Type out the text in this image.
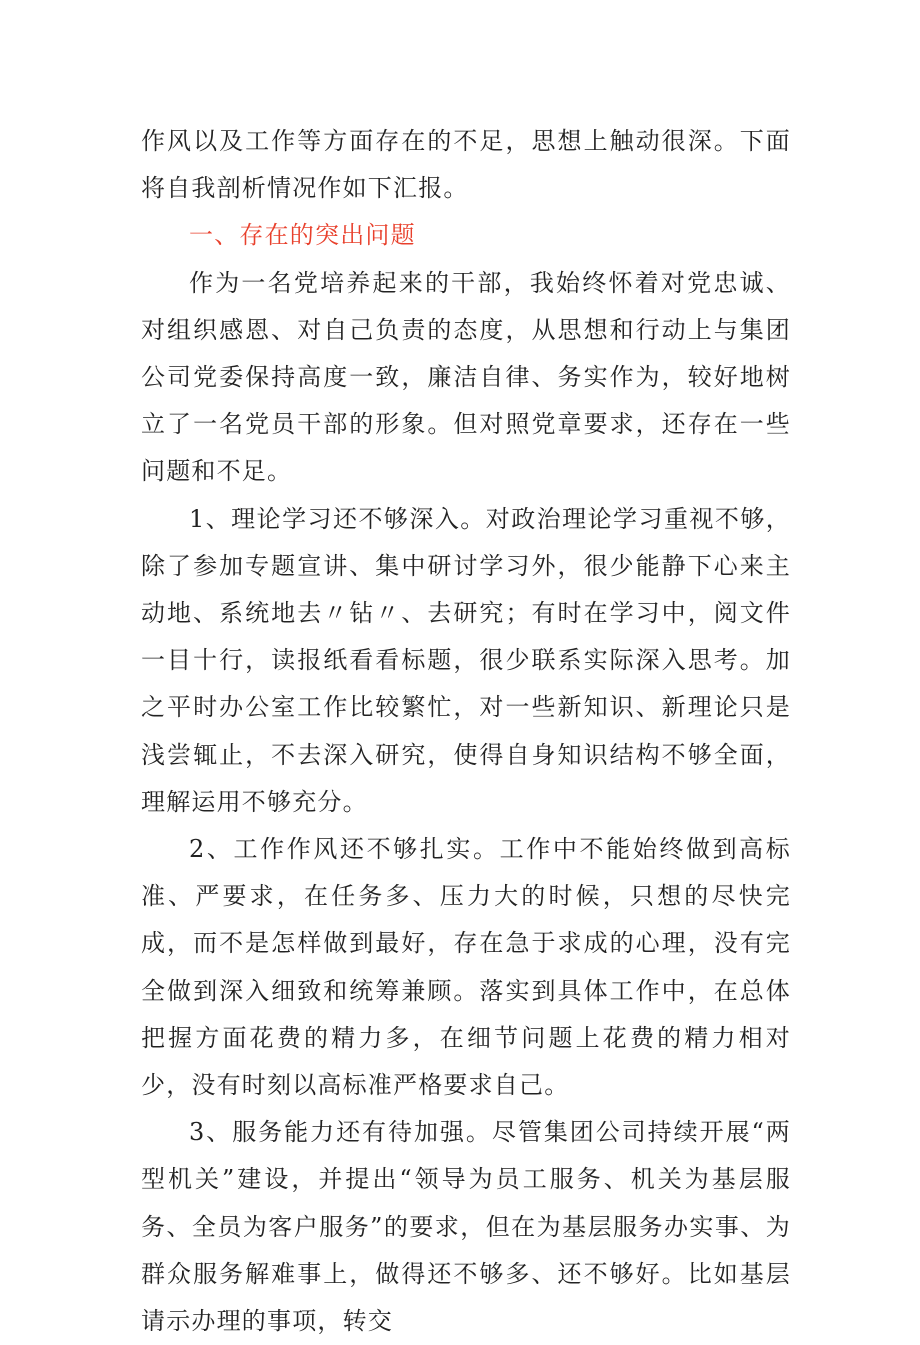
作风以及工作等方面存在的不足，思想上触动很深。下面将自我剖析情况作如下汇报。

一、存在的突出问题

作为一名党培养起来的干部，我始终怀着对党忠诚、对组织感恩、对自己负责的态度，从思想和行动上与集团公司党委保持高度一致，廉洁自律、务实作为，较好地树立了一名党员干部的形象。但对照党章要求，还存在一些问题和不足。

1、理论学习还不够深入。对政治理论学习重视不够，除了参加专题宣讲、集中研讨学习外，很少能静下心来主动地、系统地去〃钻〃、去研究；有时在学习中，阅文件一目十行，读报纸看看标题，很少联系实际深入思考。加之平时办公室工作比较繁忙，对一些新知识、新理论只是浅尝辄止，不去深入研究，使得自身知识结构不够全面，理解运用不够充分。

2、工作作风还不够扎实。工作中不能始终做到高标准、严要求，在任务多、压力大的时候，只想的尽快完成，而不是怎样做到最好，存在急于求成的心理，没有完全做到深入细致和统筹兼顾。落实到具体工作中，在总体把握方面花费的精力多，在细节问题上花费的精力相对少，没有时刻以高标准严格要求自己。

3、服务能力还有待加强。尽管集团公司持续开展“两型机关”建设，并提出“领导为员工服务、机关为基层服务、全员为客户服务”的要求，但在为基层服务办实事、为群众服务解难事上，做得还不够多、还不够好。比如基层请示办理的事项，转交
